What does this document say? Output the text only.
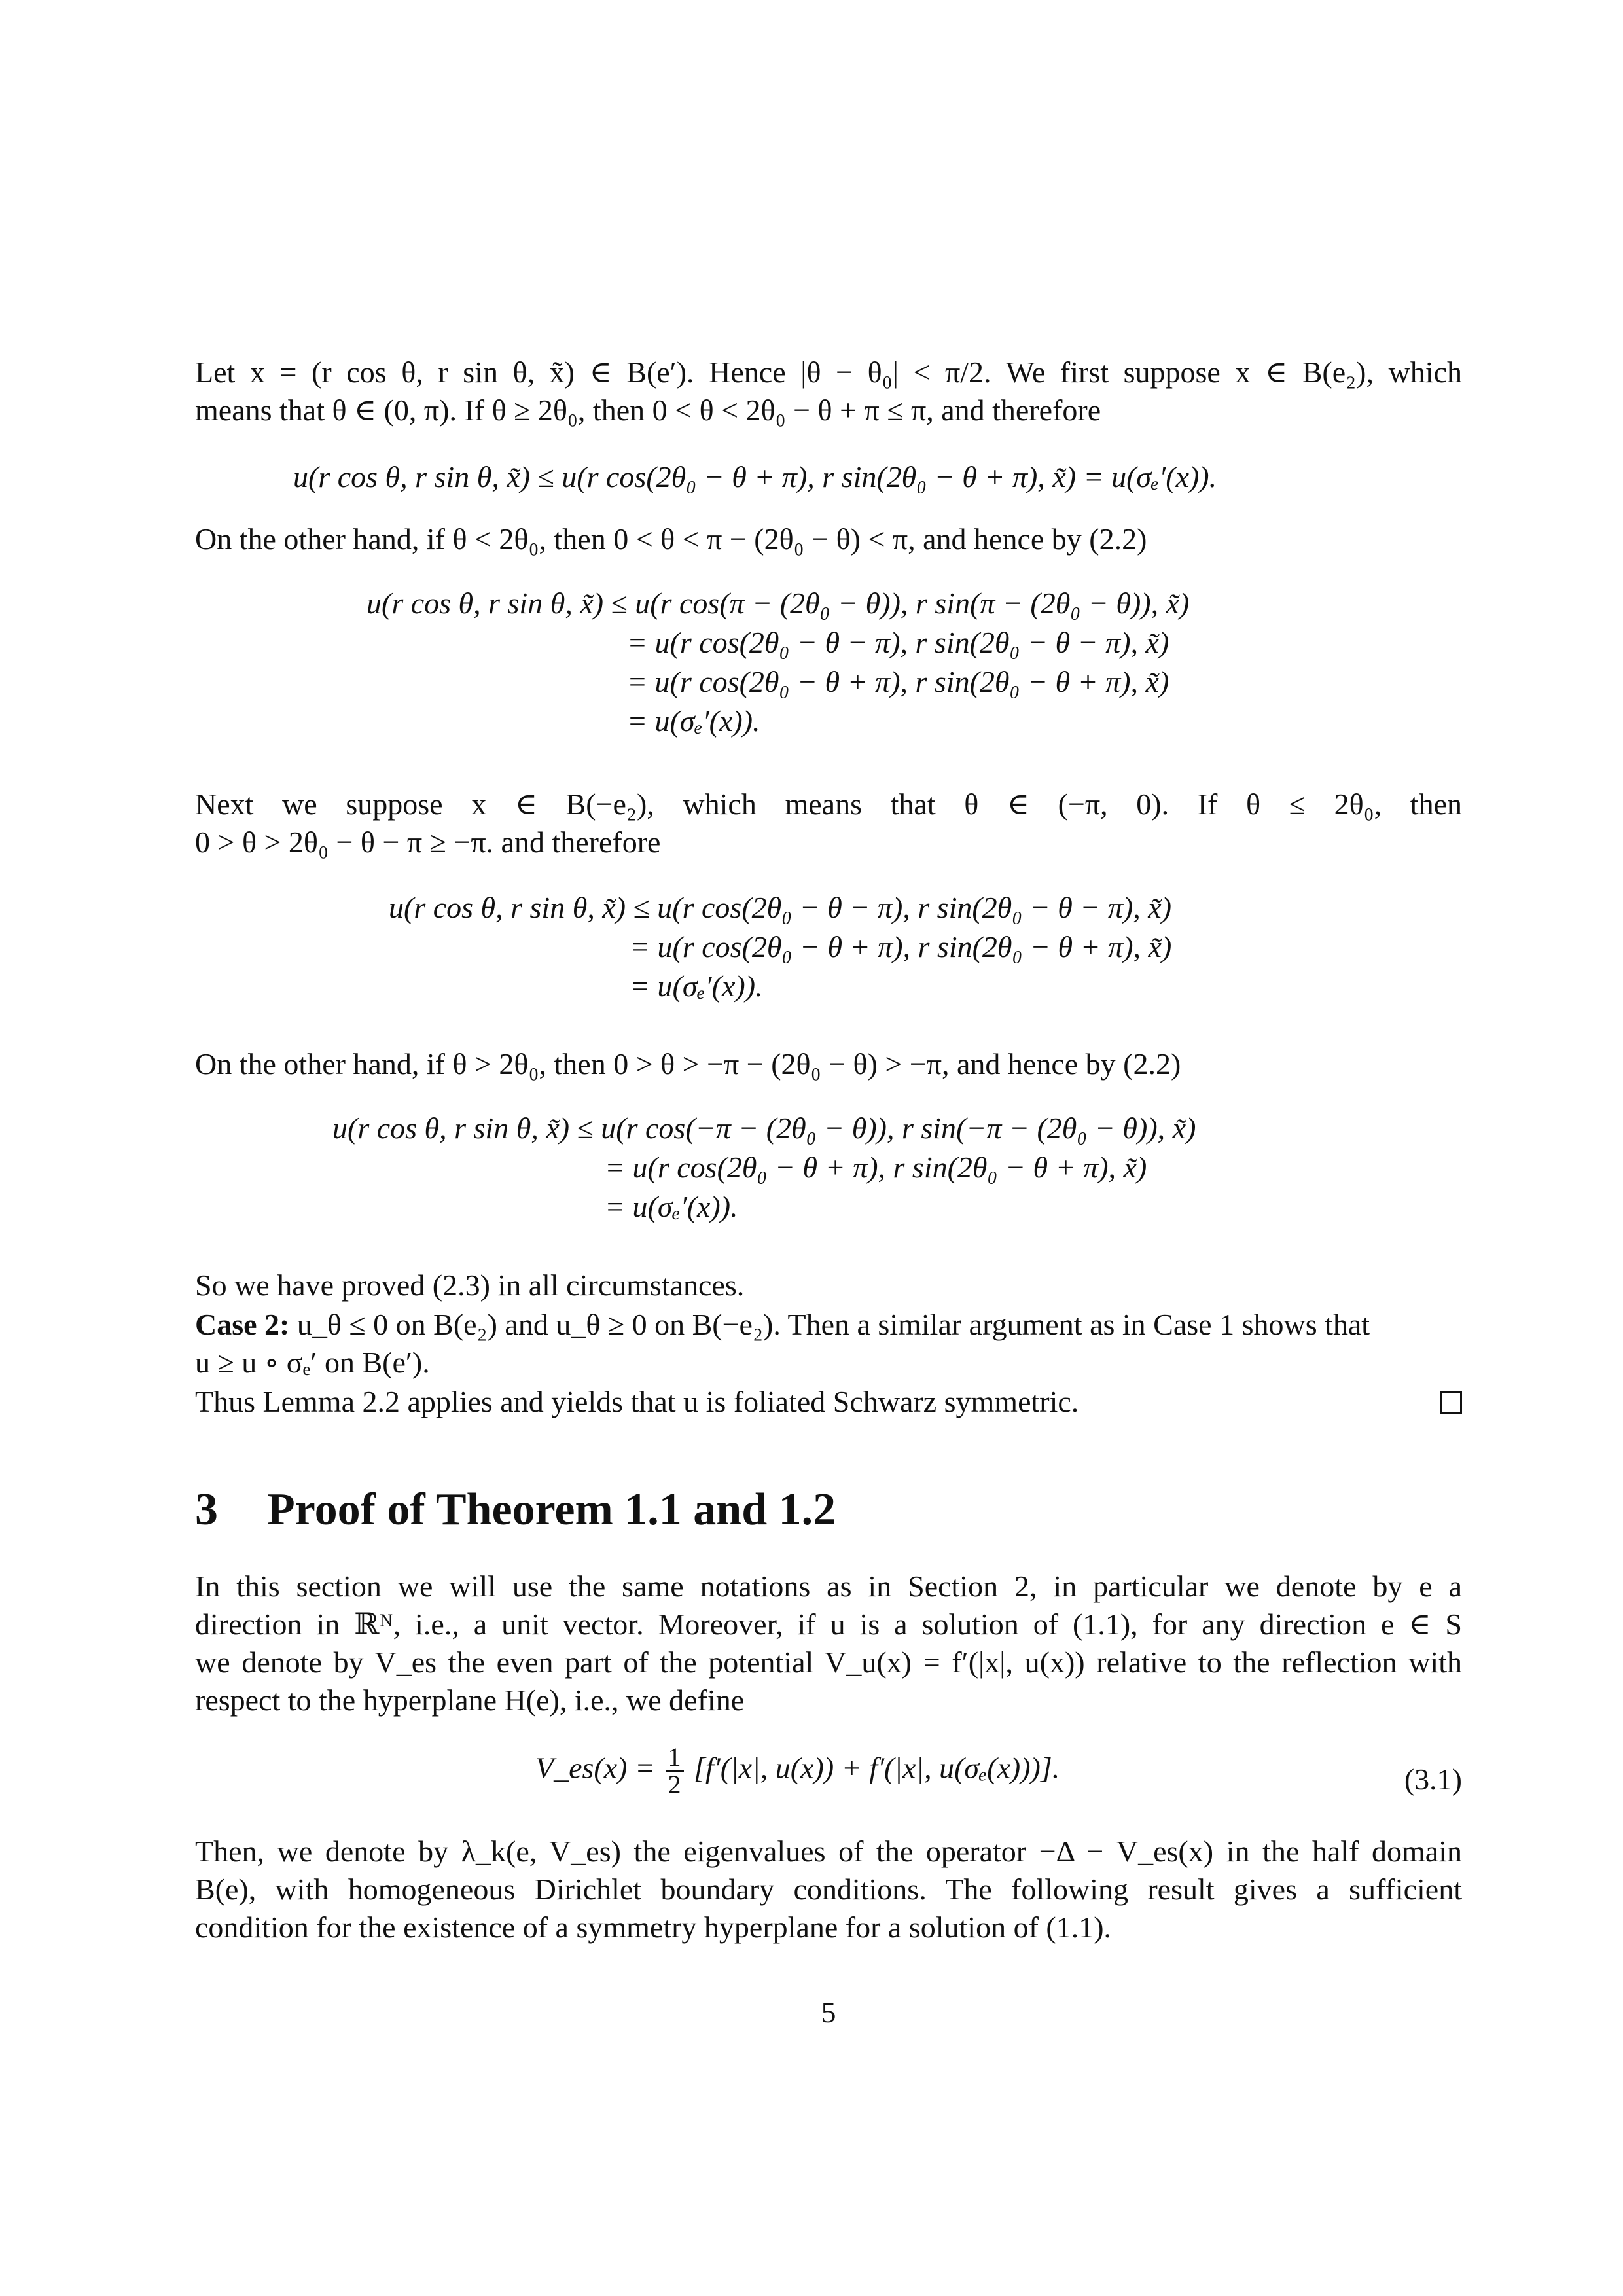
Let x = (r cos θ, r sin θ, x̃) ∈ B(e′). Hence |θ − θ₀| < π/2. We first suppose x ∈ B(e₂), which
means that θ ∈ (0, π). If θ ≥ 2θ₀, then 0 < θ < 2θ₀ − θ + π ≤ π, and therefore
u(r cos θ, r sin θ, x̃) ≤ u(r cos(2θ₀ − θ + π), r sin(2θ₀ − θ + π), x̃) = u(σₑ′(x)).
On the other hand, if θ < 2θ₀, then 0 < θ < π − (2θ₀ − θ) < π, and hence by (2.2)
u(r cos θ, r sin θ, x̃) ≤ u(r cos(π − (2θ₀ − θ)), r sin(π − (2θ₀ − θ)), x̃)
= u(r cos(2θ₀ − θ − π), r sin(2θ₀ − θ − π), x̃)
= u(r cos(2θ₀ − θ + π), r sin(2θ₀ − θ + π), x̃)
= u(σₑ′(x)).
Next we suppose x ∈ B(−e₂), which means that θ ∈ (−π, 0). If θ ≤ 2θ₀, then
0 > θ > 2θ₀ − θ − π ≥ −π. and therefore
u(r cos θ, r sin θ, x̃) ≤ u(r cos(2θ₀ − θ − π), r sin(2θ₀ − θ − π), x̃)
= u(r cos(2θ₀ − θ + π), r sin(2θ₀ − θ + π), x̃)
= u(σₑ′(x)).
On the other hand, if θ > 2θ₀, then 0 > θ > −π − (2θ₀ − θ) > −π, and hence by (2.2)
u(r cos θ, r sin θ, x̃) ≤ u(r cos(−π − (2θ₀ − θ)), r sin(−π − (2θ₀ − θ)), x̃)
= u(r cos(2θ₀ − θ + π), r sin(2θ₀ − θ + π), x̃)
= u(σₑ′(x)).
So we have proved (2.3) in all circumstances.
Case 2: u_θ ≤ 0 on B(e₂) and u_θ ≥ 0 on B(−e₂). Then a similar argument as in Case 1 shows that
u ≥ u ∘ σₑ′ on B(e′).
Thus Lemma 2.2 applies and yields that u is foliated Schwarz symmetric.
3 Proof of Theorem 1.1 and 1.2
In this section we will use the same notations as in Section 2, in particular we denote by e a
direction in ℝᴺ, i.e., a unit vector. Moreover, if u is a solution of (1.1), for any direction e ∈ S
we denote by V_es the even part of the potential V_u(x) = f′(|x|, u(x)) relative to the reflection with
respect to the hyperplane H(e), i.e., we define
V_es(x) = $\frac{1}{2} [f'(|x|$, u(x)) + f′(|x|, u(σₑ(x)))].	(3.1)
Then, we denote by λ_k(e, V_es) the eigenvalues of the operator −Δ − V_es(x) in the half domain
B(e), with homogeneous Dirichlet boundary conditions. The following result gives a sufficient
condition for the existence of a symmetry hyperplane for a solution of (1.1).
5
